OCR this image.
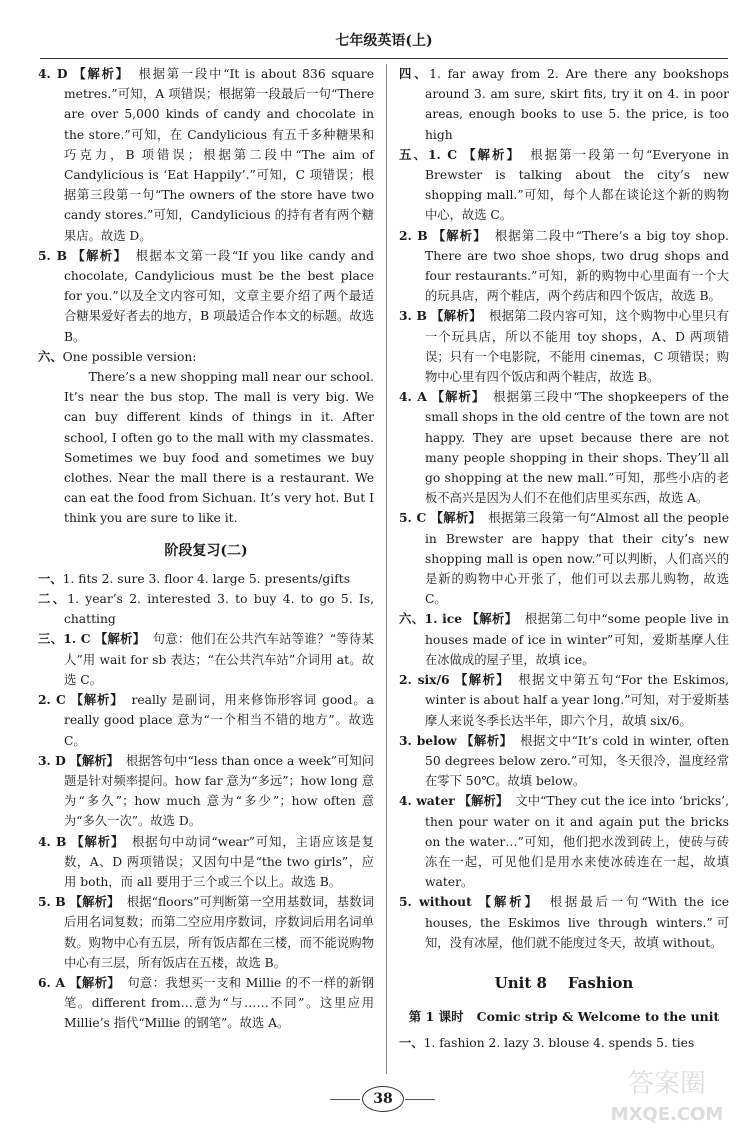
七年级英语(上)

4. D 【解析】 根据第一段中“It is about 836 square metres.”可知，A 项错误；根据第一段最后一句“There are over 5,000 kinds of candy and chocolate in the store.”可知，在 Candylicious 有五千多种糖果和巧克力，B 项错误；根据第二段中“The aim of Candylicious is ‘Eat Happily’.”可知，C 项错误；根据第三段第一句“The owners of the store have two candy stores.”可知，Candylicious 的持有者有两个糖果店。故选 D。

5. B 【解析】 根据本文第一段“If you like candy and chocolate, Candylicious must be the best place for you.”以及全文内容可知，文章主要介绍了两个最适合糖果爱好者去的地方，B 项最适合作本文的标题。故选 B。

六、One possible version:

There’s a new shopping mall near our school. It’s near the bus stop. The mall is very big. We can buy different kinds of things in it. After school, I often go to the mall with my classmates. Sometimes we buy food and sometimes we buy clothes. Near the mall there is a restaurant. We can eat the food from Sichuan. It’s very hot. But I think you are sure to like it.

阶段复习(二)

一、1. fits 2. sure 3. floor 4. large 5. presents/gifts

二、1. year’s 2. interested 3. to buy 4. to go 5. Is, chatting

三、1. C 【解析】 句意：他们在公共汽车站等谁？“等待某人”用 wait for sb 表达；“在公共汽车站”介词用 at。故选 C。

2. C 【解析】 really 是副词，用来修饰形容词 good。a really good place 意为“一个相当不错的地方”。故选 C。

3. D 【解析】 根据答句中“less than once a week”可知问题是针对频率提问。how far 意为“多远”；how long 意为“多久”；how much 意为“多少”；how often 意为“多久一次”。故选 D。

4. B 【解析】 根据句中动词“wear”可知，主语应该是复数，A、D 两项错误；又因句中是“the two girls”，应用 both，而 all 要用于三个或三个以上。故选 B。

5. B 【解析】 根据“floors”可判断第一空用基数词，基数词后用名词复数；而第二空应用序数词，序数词后用名词单数。购物中心有五层，所有饭店都在三楼，而不能说购物中心有三层，所有饭店在五楼，故选 B。

6. A 【解析】 句意：我想买一支和 Millie 的不一样的新钢笔。different from…意为“与……不同”。这里应用 Millie’s 指代“Millie 的钢笔”。故选 A。

四、1. far away from 2. Are there any bookshops around 3. am sure, skirt fits, try it on 4. in poor areas, enough books to use 5. the price, is too high

五、1. C 【解析】 根据第一段第一句“Everyone in Brewster is talking about the city’s new shopping mall.”可知，每个人都在谈论这个新的购物中心，故选 C。

2. B 【解析】 根据第二段中“There’s a big toy shop. There are two shoe shops, two drug shops and four restaurants.”可知，新的购物中心里面有一个大的玩具店，两个鞋店，两个药店和四个饭店，故选 B。

3. B 【解析】 根据第二段内容可知，这个购物中心里只有一个玩具店，所以不能用 toy shops，A、D 两项错误；只有一个电影院，不能用 cinemas，C 项错误；购物中心里有四个饭店和两个鞋店，故选 B。

4. A 【解析】 根据第三段中“The shopkeepers of the small shops in the old centre of the town are not happy. They are upset because there are not many people shopping in their shops. They’ll all go shopping at the new mall.”可知，那些小店的老板不高兴是因为人们不在他们店里买东西，故选 A。

5. C 【解析】 根据第三段第一句“Almost all the people in Brewster are happy that their city’s new shopping mall is open now.”可以判断，人们高兴的是新的购物中心开张了，他们可以去那儿购物，故选 C。

六、1. ice 【解析】 根据第二句中“some people live in houses made of ice in winter”可知，爱斯基摩人住在冰做成的屋子里，故填 ice。

2. six/6 【解析】 根据文中第五句“For the Eskimos, winter is about half a year long.”可知，对于爱斯基摩人来说冬季长达半年，即六个月，故填 six/6。

3. below 【解析】 根据文中“It’s cold in winter, often 50 degrees below zero.”可知，冬天很冷，温度经常在零下 50℃。故填 below。

4. water 【解析】 文中“They cut the ice into ‘bricks’, then pour water on it and again put the bricks on the water…”可知，他们把水泼到砖上，使砖与砖冻在一起，可见他们是用水来使冰砖连在一起，故填 water。

5. without 【解析】 根据最后一句“With the ice houses, the Eskimos live through winters.”可知，没有冰屋，他们就不能度过冬天，故填 without。

Unit 8    Fashion
第 1 课时   Comic strip & Welcome to the unit

一、1. fashion 2. lazy 3. blouse 4. spends 5. ties

38	答案圈
MXQE.COM
